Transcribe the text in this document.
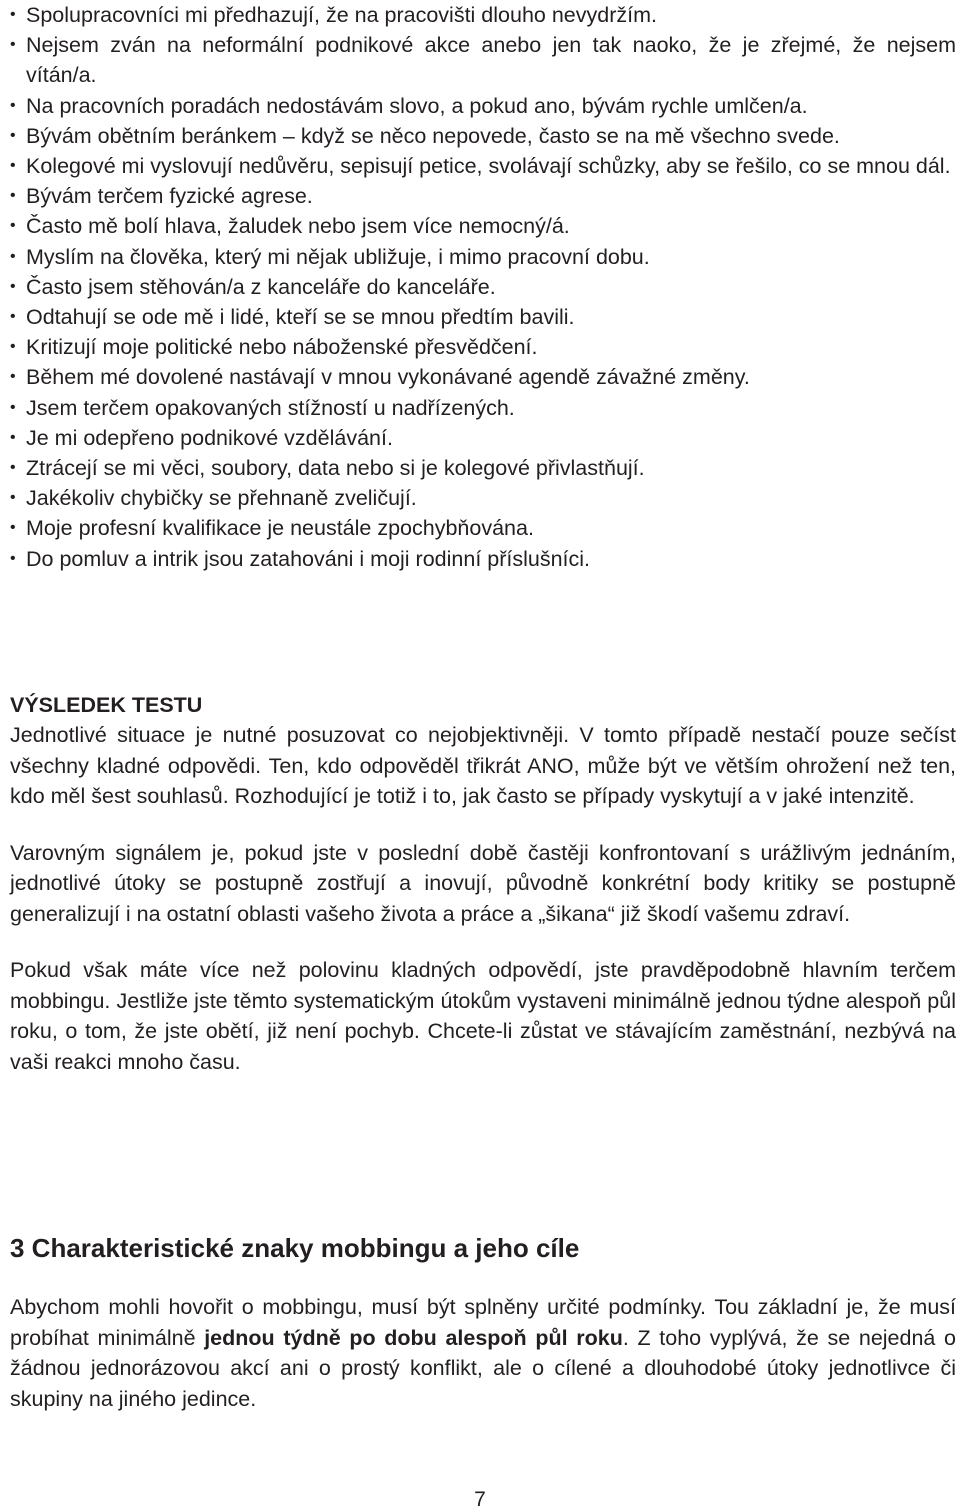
• Spolupracovníci mi předhazují, že na pracovišti dlouho nevydržím.
• Nejsem zván na neformální podnikové akce anebo jen tak naoko, že je zřejmé, že nejsem vítán/a.
• Na pracovních poradách nedostávám slovo, a pokud ano, bývám rychle umlčen/a.
• Bývám obětním beránkem – když se něco nepovede, často se na mě všechno svede.
• Kolegové mi vyslovují nedůvěru, sepisují petice, svolávají schůzky, aby se řešilo, co se mnou dál.
• Bývám terčem fyzické agrese.
• Často mě bolí hlava, žaludek nebo jsem více nemocný/á.
• Myslím na člověka, který mi nějak ubližuje, i mimo pracovní dobu.
• Často jsem stěhován/a z kanceláře do kanceláře.
• Odtahují se ode mě i lidé, kteří se se mnou předtím bavili.
• Kritizují moje politické nebo náboženské přesvědčení.
• Během mé dovolené nastávají v mnou vykonávané agendě závažné změny.
• Jsem terčem opakovaných stížností u nadřízených.
• Je mi odepřeno podnikové vzdělávání.
• Ztrácejí se mi věci, soubory, data nebo si je kolegové přivlastňují.
• Jakékoliv chybičky se přehnaně zveličují.
• Moje profesní kvalifikace je neustále zpochybňována.
• Do pomluv a intrik jsou zatahováni i moji rodinní příslušníci.
VÝSLEDEK TESTU

Jednotlivé situace je nutné posuzovat co nejobjektivněji. V tomto případě nestačí pouze sečíst všechny kladné odpovědi. Ten, kdo odpověděl třikrát ANO, může být ve větším ohrožení než ten, kdo měl šest souhlasů. Rozhodující je totiž i to, jak často se případy vyskytují a v jaké intenzitě.

Varovným signálem je, pokud jste v poslední době častěji konfrontovaní s urážlivým jednáním, jednotlivé útoky se postupně zostřují a inovují, původně konkrétní body kritiky se postupně generalizují i na ostatní oblasti vašeho života a práce a „šikana“ již škodí vašemu zdraví.

Pokud však máte více než polovinu kladných odpovědí, jste pravděpodobně hlavním terčem mobbingu. Jestliže jste těmto systematickým útokům vystaveni minimálně jednou týdne alespoň půl roku, o tom, že jste obětí, již není pochyb. Chcete-li zůstat ve stávajícím zaměstnání, nezbývá na vaši reakci mnoho času.

3 Charakteristické znaky mobbingu a jeho cíle

Abychom mohli hovořit o mobbingu, musí být splněny určité podmínky. Tou základní je, že musí probíhat minimálně jednou týdně po dobu alespoň půl roku. Z toho vyplývá, že se nejedná o žádnou jednorázovou akcí ani o prostý konflikt, ale o cílené a dlouhodobé útoky jednotlivce či skupiny na jiného jedince.

7
